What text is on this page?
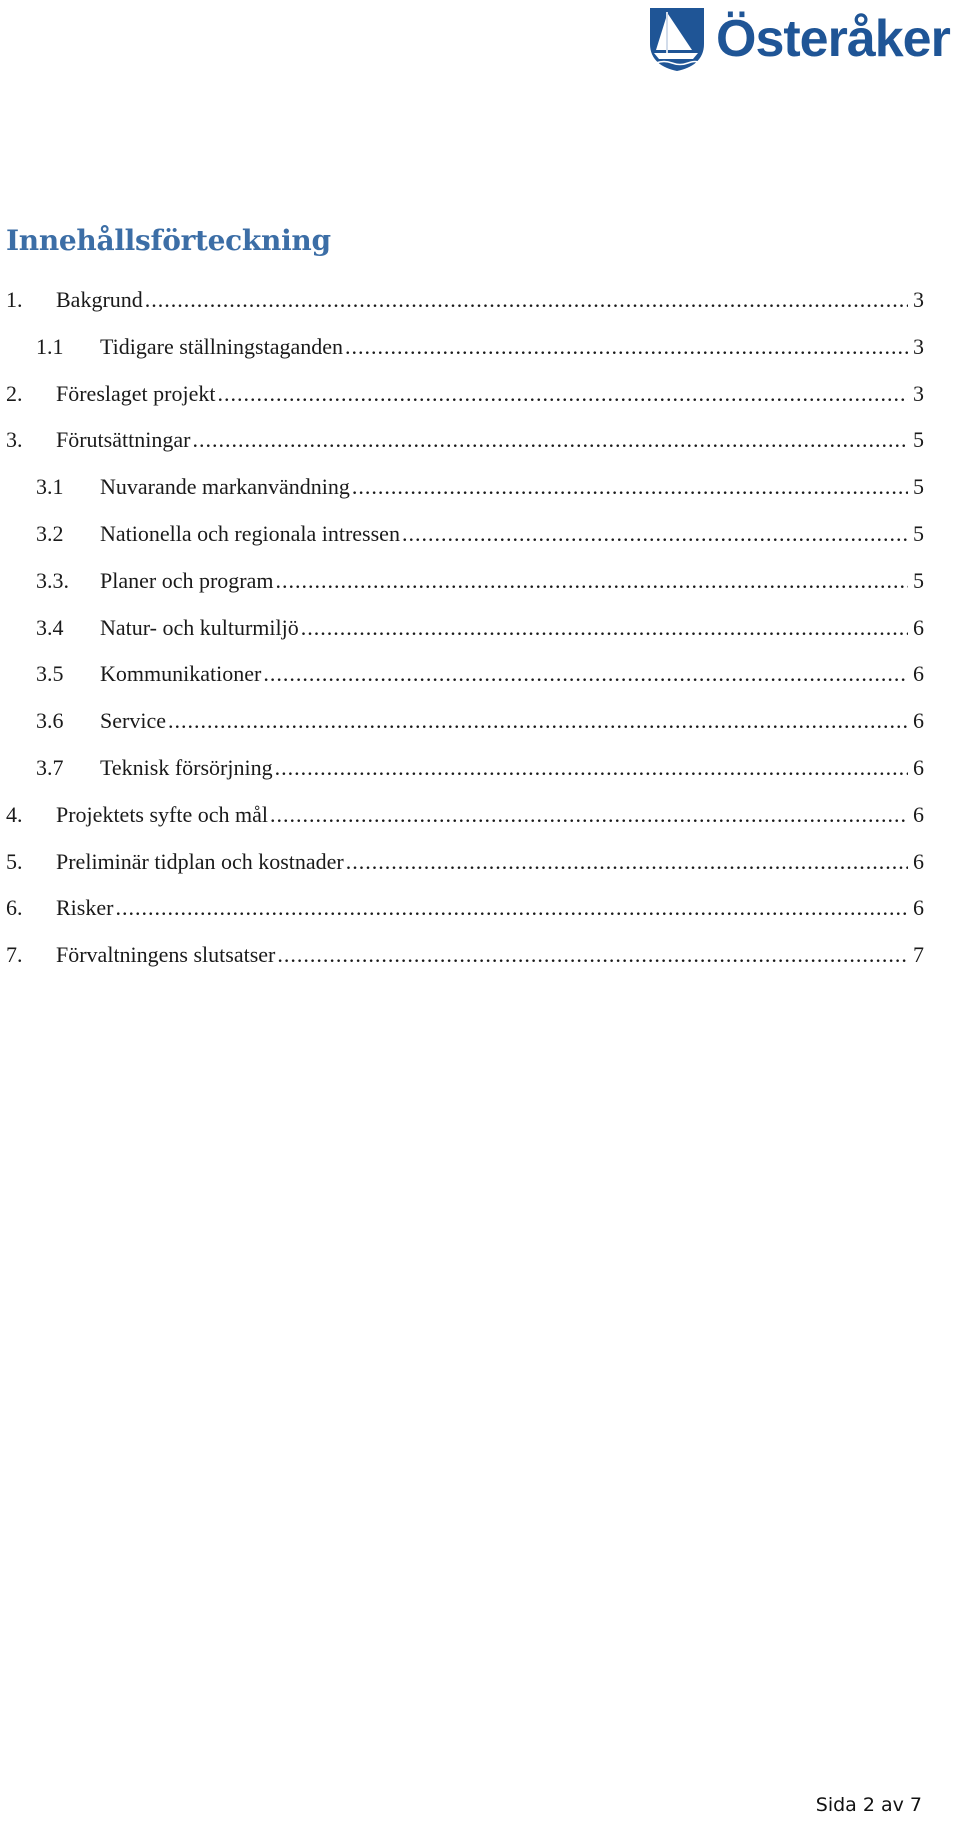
Österåker
Innehållsförteckning
1.	Bakgrund .....	3
1.1	Tidigare ställningstaganden .....	3
2.	Föreslaget projekt .....	3
3.	Förutsättningar .....	5
3.1	Nuvarande markanvändning .....	5
3.2	Nationella och regionala intressen .....	5
3.3.	Planer och program .....	5
3.4	Natur- och kulturmiljö .....	6
3.5	Kommunikationer .....	6
3.6	Service .....	6
3.7	Teknisk försörjning .....	6
4.	Projektets syfte och mål .....	6
5.	Preliminär tidplan och kostnader .....	6
6.	Risker .....	6
7.	Förvaltningens slutsatser .....	7
Sida 2 av 7
